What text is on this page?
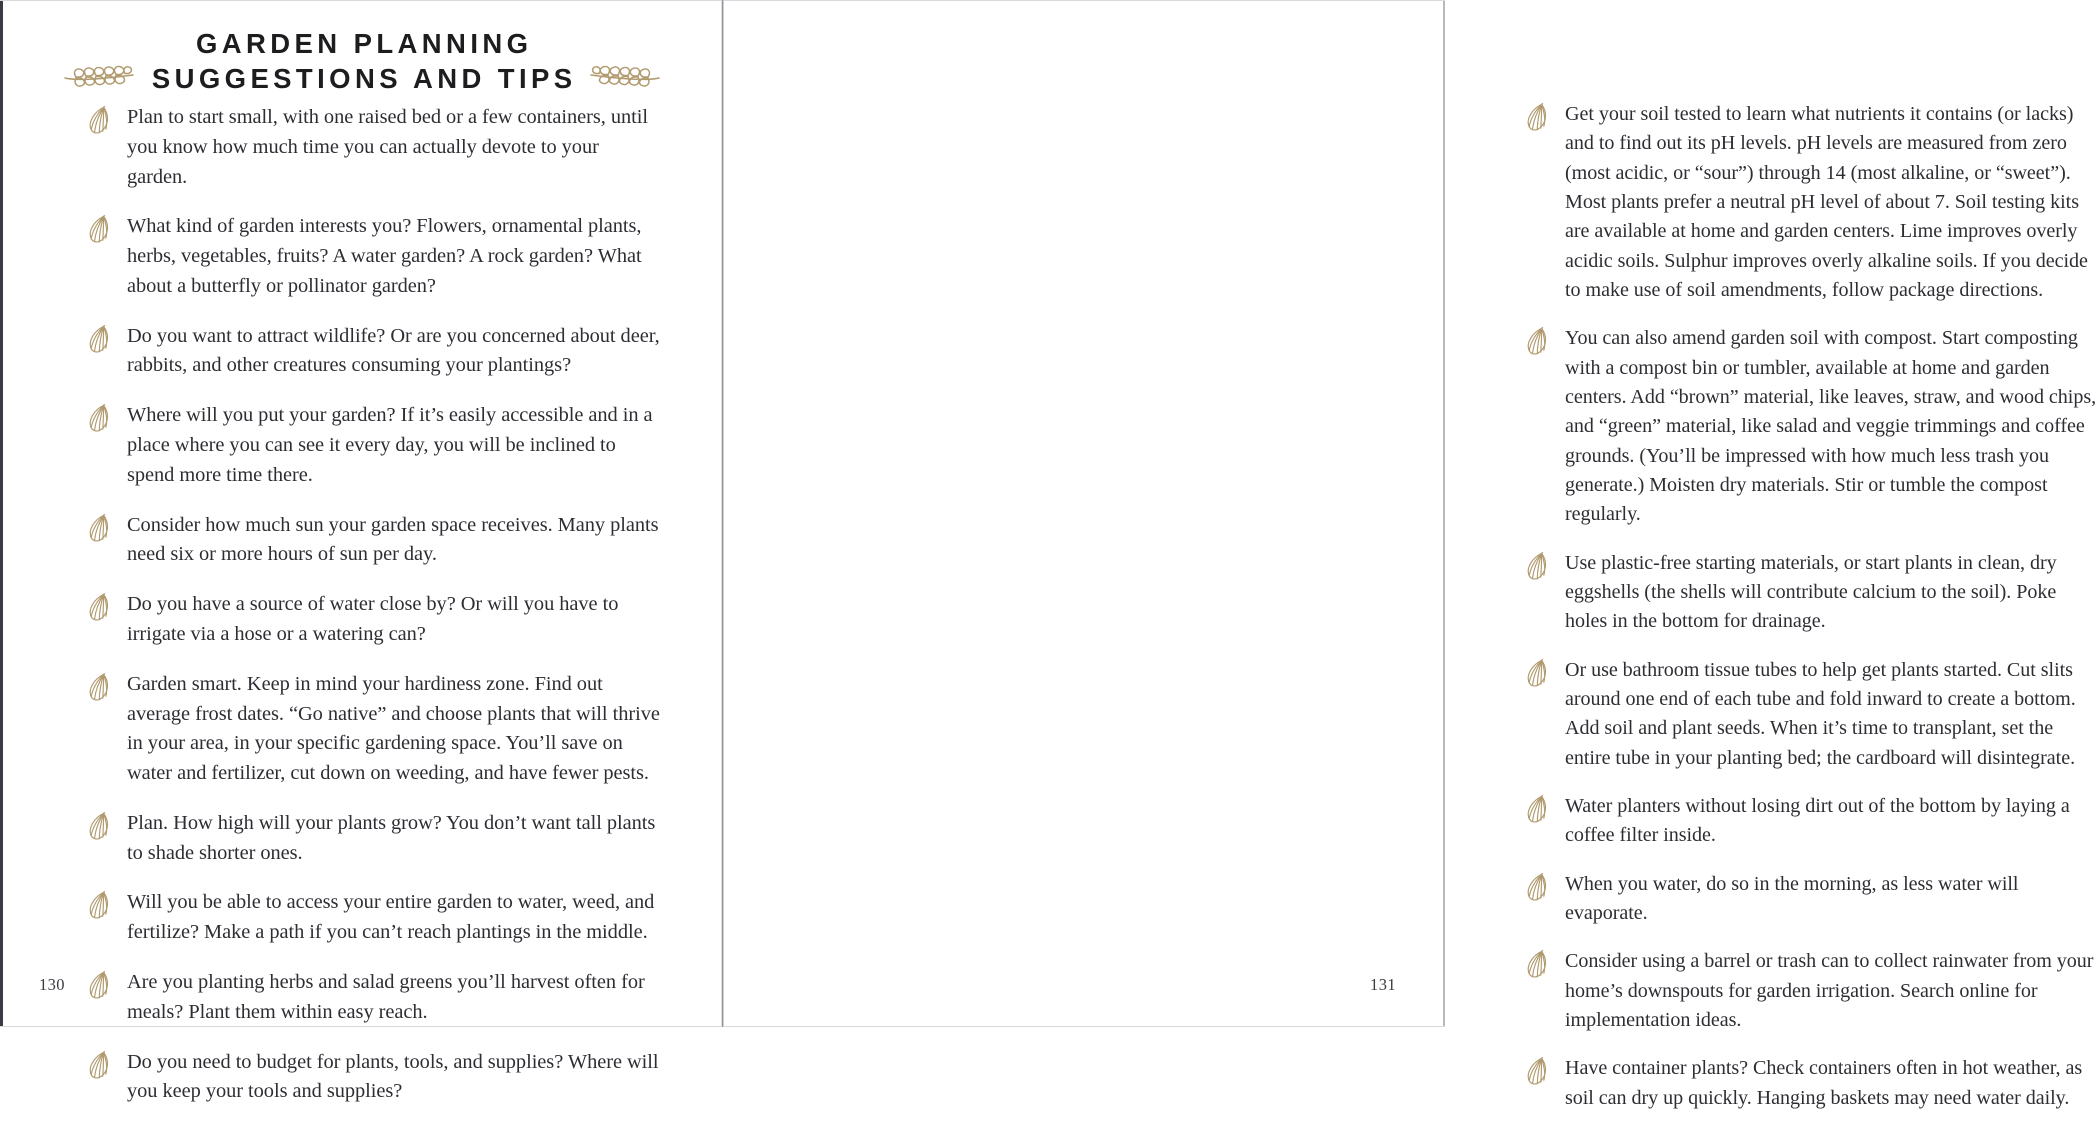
GARDEN PLANNING
SUGGESTIONS AND TIPS
Plan to start small, with one raised bed or a few containers, until you know how much time you can actually devote to your garden.
What kind of garden interests you? Flowers, ornamental plants, herbs, vegetables, fruits? A water garden? A rock garden? What about a butterfly or pollinator garden?
Do you want to attract wildlife? Or are you concerned about deer, rabbits, and other creatures consuming your plantings?
Where will you put your garden? If it’s easily accessible and in a place where you can see it every day, you will be inclined to spend more time there.
Consider how much sun your garden space receives. Many plants need six or more hours of sun per day.
Do you have a source of water close by? Or will you have to irrigate via a hose or a watering can?
Garden smart. Keep in mind your hardiness zone. Find out average frost dates. “Go native” and choose plants that will thrive in your area, in your specific gardening space. You’ll save on water and fertilizer, cut down on weeding, and have fewer pests.
Plan. How high will your plants grow? You don’t want tall plants to shade shorter ones.
Will you be able to access your entire garden to water, weed, and fertilize? Make a path if you can’t reach plantings in the middle.
Are you planting herbs and salad greens you’ll harvest often for meals? Plant them within easy reach.
Do you need to budget for plants, tools, and supplies? Where will you keep your tools and supplies?
130
Get your soil tested to learn what nutrients it contains (or lacks) and to find out its pH levels. pH levels are measured from zero (most acidic, or “sour”) through 14 (most alkaline, or “sweet”). Most plants prefer a neutral pH level of about 7. Soil testing kits are available at home and garden centers. Lime improves overly acidic soils. Sulphur improves overly alkaline soils. If you decide to make use of soil amendments, follow package directions.
You can also amend garden soil with compost. Start composting with a compost bin or tumbler, available at home and garden centers. Add “brown” material, like leaves, straw, and wood chips, and “green” material, like salad and veggie trimmings and coffee grounds. (You’ll be impressed with how much less trash you generate.) Moisten dry materials. Stir or tumble the compost regularly.
Use plastic-free starting materials, or start plants in clean, dry eggshells (the shells will contribute calcium to the soil). Poke holes in the bottom for drainage.
Or use bathroom tissue tubes to help get plants started. Cut slits around one end of each tube and fold inward to create a bottom. Add soil and plant seeds. When it’s time to transplant, set the entire tube in your planting bed; the cardboard will disintegrate.
Water planters without losing dirt out of the bottom by laying a coffee filter inside.
When you water, do so in the morning, as less water will evaporate.
Consider using a barrel or trash can to collect rainwater from your home’s downspouts for garden irrigation. Search online for implementation ideas.
Have container plants? Check containers often in hot weather, as soil can dry up quickly. Hanging baskets may need water daily.
131
